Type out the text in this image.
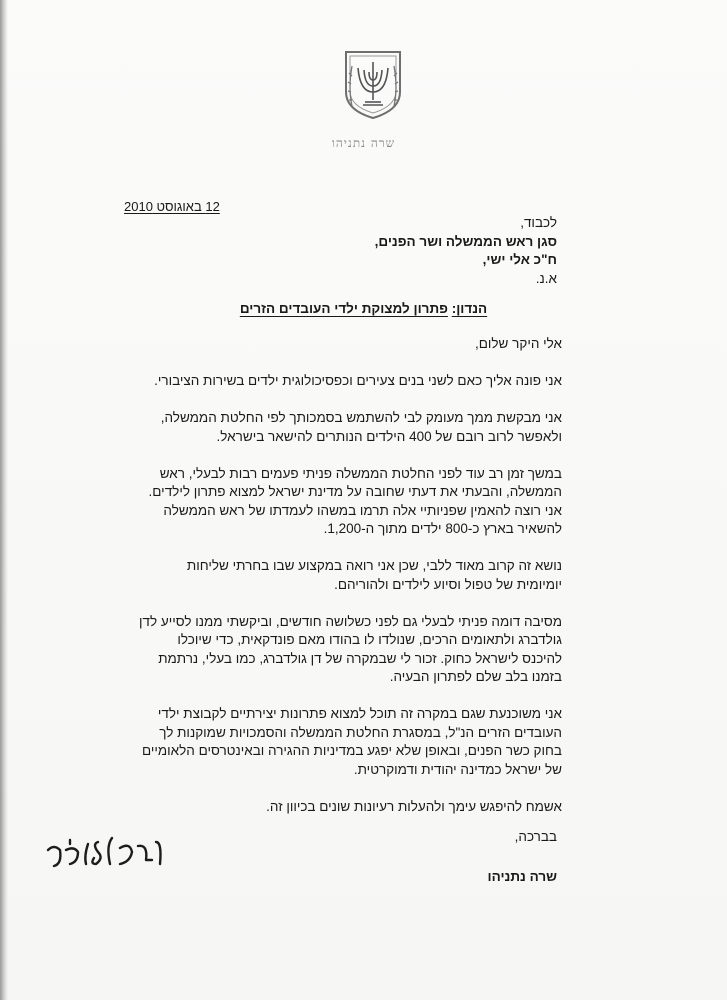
שרה נתניהו
12 באוגוסט 2010
לכבוד,
סגן ראש הממשלה ושר הפנים,
ח"כ אלי ישי,
א.נ.
הנדון: פתרון למצוקת ילדי העובדים הזרים
אלי היקר שלום,
אני פונה אליך כאם לשני בנים צעירים וכפסיכולוגית ילדים בשירות הציבורי.
אני מבקשת ממך מעומק לבי להשתמש בסמכותך לפי החלטת הממשלה,
ולאפשר לרוב רובם של 400 הילדים הנותרים להישאר בישראל.
במשך זמן רב עוד לפני החלטת הממשלה פניתי פעמים רבות לבעלי, ראש
הממשלה, והבעתי את דעתי שחובה על מדינת ישראל למצוא פתרון לילדים.
אני רוצה להאמין שפניותיי אלה תרמו במשהו לעמדתו של ראש הממשלה
להשאיר בארץ כ-800 ילדים מתוך ה-1,200.
נושא זה קרוב מאוד ללבי, שכן אני רואה במקצוע שבו בחרתי שליחות
יומיומית של טפול וסיוע לילדים ולהוריהם.
מסיבה דומה פניתי לבעלי גם לפני כשלושה חודשים, וביקשתי ממנו לסייע לדן
גולדברג ולתאומים הרכים, שנולדו לו בהודו מאם פונדקאית, כדי שיוכלו
להיכנס לישראל כחוק. זכור לי שבמקרה של דן גולדברג, כמו בעלי, נרתמת
בזמנו בלב שלם לפתרון הבעיה.
אני משוכנעת שגם במקרה זה תוכל למצוא פתרונות יצירתיים לקבוצת ילדי
העובדים הזרים הנ"ל, במסגרת החלטת הממשלה והסמכויות שמוקנות לך
בחוק כשר הפנים, ובאופן שלא יפגע במדיניות ההגירה ובאינטרסים הלאומיים
של ישראל כמדינה יהודית ודמוקרטית.
אשמח להיפגש עימך ולהעלות רעיונות שונים בכיוון זה.
בברכה,
שרה נתניהו
